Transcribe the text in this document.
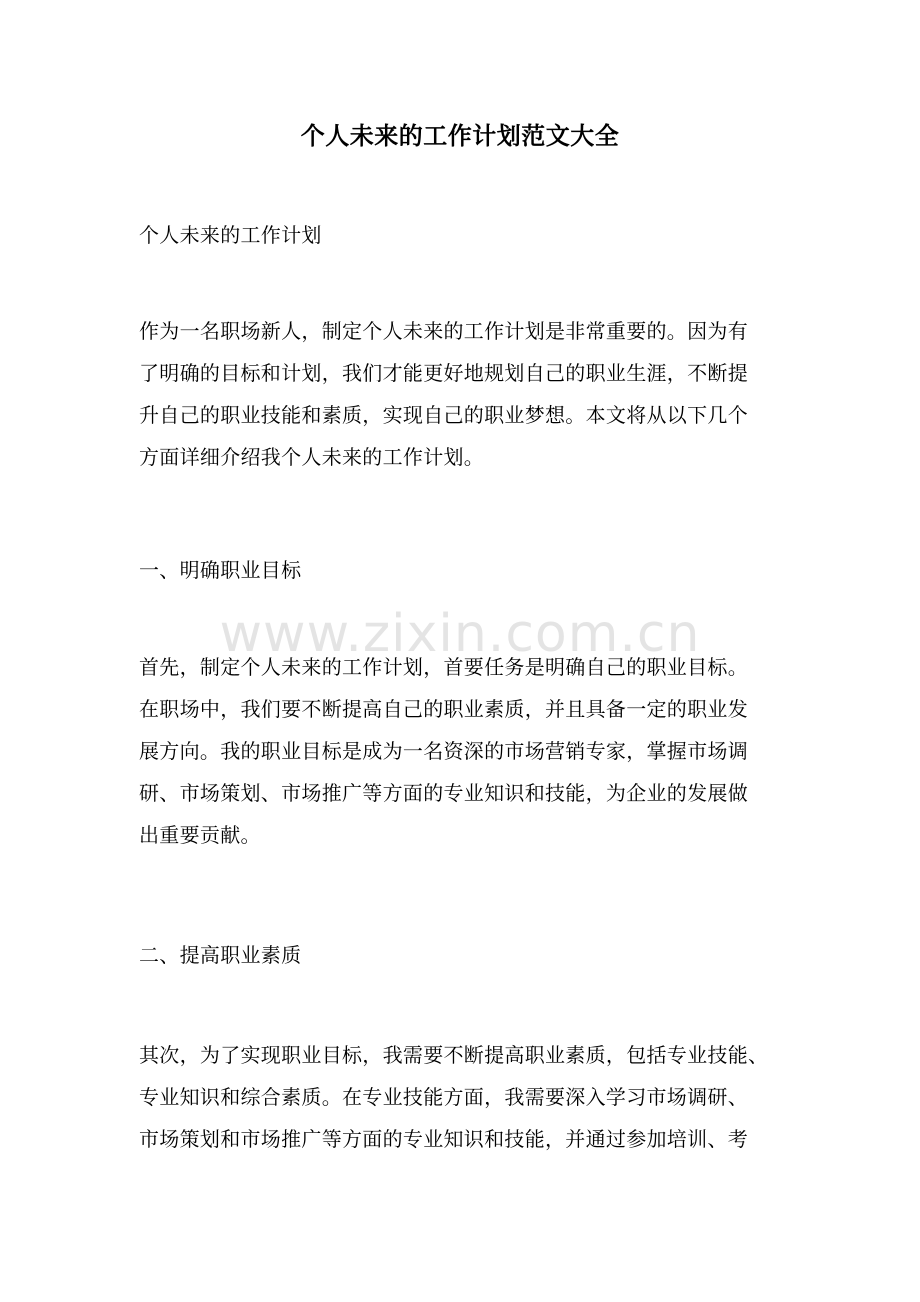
个人未来的工作计划范文大全
个人未来的工作计划
作为一名职场新人，制定个人未来的工作计划是非常重要的。因为有
了明确的目标和计划，我们才能更好地规划自己的职业生涯，不断提
升自己的职业技能和素质，实现自己的职业梦想。本文将从以下几个
方面详细介绍我个人未来的工作计划。
一、明确职业目标
首先，制定个人未来的工作计划，首要任务是明确自己的职业目标。
在职场中，我们要不断提高自己的职业素质，并且具备一定的职业发
展方向。我的职业目标是成为一名资深的市场营销专家，掌握市场调
研、市场策划、市场推广等方面的专业知识和技能，为企业的发展做
出重要贡献。
二、提高职业素质
其次，为了实现职业目标，我需要不断提高职业素质，包括专业技能、
专业知识和综合素质。在专业技能方面，我需要深入学习市场调研、
市场策划和市场推广等方面的专业知识和技能，并通过参加培训、考
www.zixin.com.cn
